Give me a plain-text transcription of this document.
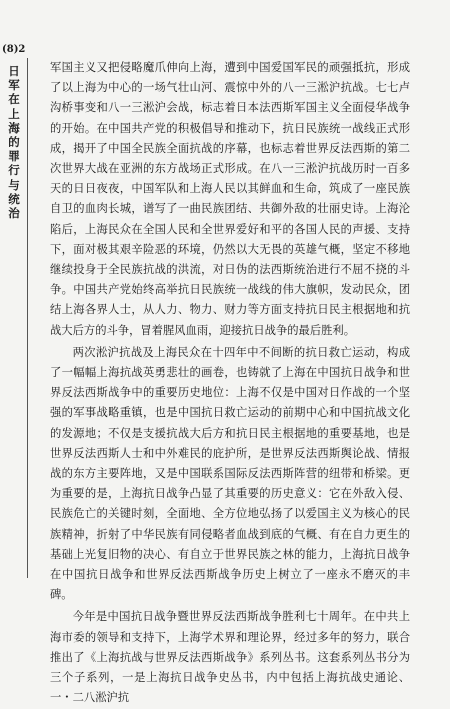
(8)2
日军在上海的罪行与统治

军国主义又把侵略魔爪伸向上海，遭到中国爱国军民的顽强抵抗，形成了以上海为中心的一场气壮山河、震惊中外的八一三淞沪抗战。七七卢沟桥事变和八一三淞沪会战，标志着日本法西斯军国主义全面侵华战争的开始。在中国共产党的积极倡导和推动下，抗日民族统一战线正式形成，揭开了中国全民族全面抗战的序幕，也标志着世界反法西斯的第二次世界大战在亚洲的东方战场正式形成。在八一三淞沪抗战历时一百多天的日日夜夜，中国军队和上海人民以其鲜血和生命，筑成了一座民族自卫的血肉长城，谱写了一曲民族团结、共御外敌的壮丽史诗。上海沦陷后，上海民众在全国人民和全世界爱好和平的各国人民的声援、支持下，面对极其艰辛险恶的环境，仍然以大无畏的英雄气概，坚定不移地继续投身于全民族抗战的洪流，对日伪的法西斯统治进行不屈不挠的斗争。中国共产党始终高举抗日民族统一战线的伟大旗帜，发动民众，团结上海各界人士，从人力、物力、财力等方面支持抗日民主根据地和抗战大后方的斗争，冒着腥风血雨，迎接抗日战争的最后胜利。

两次淞沪抗战及上海民众在十四年中不间断的抗日救亡运动，构成了一幅幅上海抗战英勇悲壮的画卷，也铸就了上海在中国抗日战争和世界反法西斯战争中的重要历史地位：上海不仅是中国对日作战的一个坚强的军事战略重镇，也是中国抗日救亡运动的前期中心和中国抗战文化的发源地；不仅是支援抗战大后方和抗日民主根据地的重要基地，也是世界反法西斯人士和中外难民的庇护所，是世界反法西斯舆论战、情报战的东方主要阵地，又是中国联系国际反法西斯阵营的纽带和桥梁。更为重要的是，上海抗日战争凸显了其重要的历史意义：它在外敌入侵、民族危亡的关键时刻，全面地、全方位地弘扬了以爱国主义为核心的民族精神，折射了中华民族有同侵略者血战到底的气概、有在自力更生的基础上光复旧物的决心、有自立于世界民族之林的能力，上海抗日战争在中国抗日战争和世界反法西斯战争历史上树立了一座永不磨灭的丰碑。

今年是中国抗日战争暨世界反法西斯战争胜利七十周年。在中共上海市委的领导和支持下，上海学术界和理论界，经过多年的努力，联合推出了《上海抗战与世界反法西斯战争》系列丛书。这套系列丛书分为三个子系列，一是上海抗日战争史丛书，内中包括上海抗战史通论、一・二八淞沪抗
